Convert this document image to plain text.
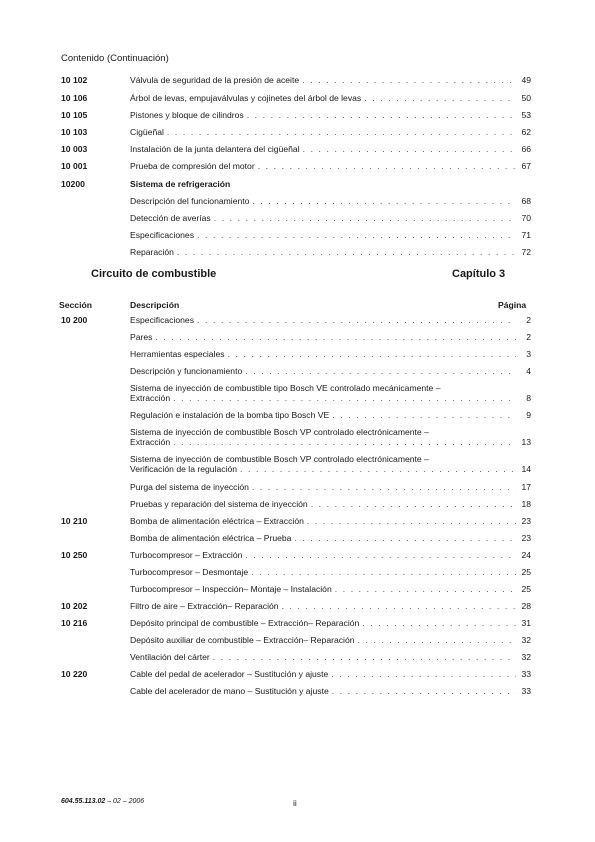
Contenido (Continuación)
10 102	Válvula de seguridad de la presión de aceite . . .	49
10 106	Árbol de levas, empujaválvulas y cojinetes del árbol de levas . . .	50
10 105	Pistones y bloque de cilindros . . .	53
10 103	Cigüeñal . . .	62
10 003	Instalación de la junta delantera del cigüeñal . . .	66
10 001	Prueba de compresión del motor . . .	67
10200	Sistema de refrigeración
Descripción del funcionamiento . . .	68
Detección de averías . . .	70
Especificaciones . . .	71
Reparación . . .	72
Circuito de combustible	Capítulo 3
Sección	Descripción	Página
10 200	Especificaciones . . .	2
Pares . . .	2
Herramientas especiales . . .	3
Descripción y funcionamiento . . .	4
Sistema de inyección de combustible tipo Bosch VE controlado mecánicamente –
Extracción . . .	8
Regulación e instalación de la bomba tipo Bosch VE . . .	9
Sistema de inyección de combustible Bosch VP controlado electrónicamente –
Extracción . . .	13
Sistema de inyección de combustible Bosch VP controlado electrónicamente –
Verificación de la regulación . . .	14
Purga del sistema de inyección . . .	17
Pruebas y reparación del sistema de inyección . . .	18
10 210	Bomba de alimentación eléctrica – Extracción . . .	23
Bomba de alimentación eléctrica – Prueba . . .	23
10 250	Turbocompresor – Extracción . . .	24
Turbocompresor – Desmontaje . . .	25
Turbocompresor – Inspección– Montaje – Instalación . . .	25
10 202	Filtro de aire – Extracción– Reparación . . .	28
10 216	Depósito principal de combustible – Extracción– Reparación . . .	31
Depósito auxiliar de combustible – Extracción– Reparación . . .	32
Ventilación del cárter . . .	32
10 220	Cable del pedal de acelerador – Sustitución y ajuste . . .	33
Cable del acelerador de mano – Sustitución y ajuste . . .	33
604.55.113.02 – 02 – 2006	ii
